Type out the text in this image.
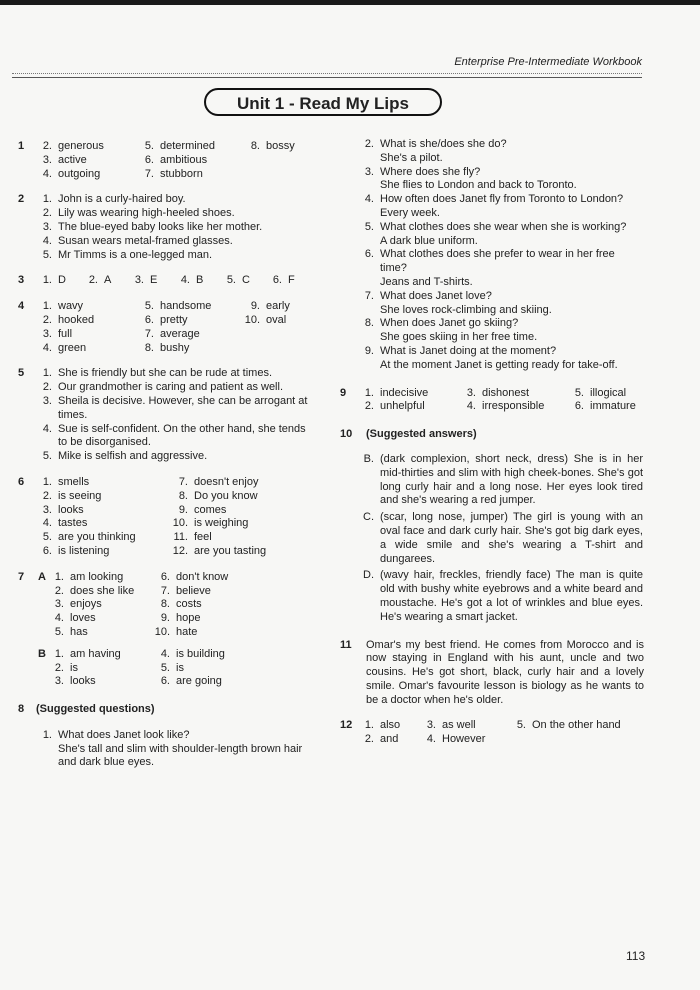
Enterprise Pre-Intermediate Workbook
Unit 1 - Read My Lips
1	2. generous	5. determined	8. bossy
3. active	6. ambitious
4. outgoing	7. stubborn
2	1. John is a curly-haired boy.
2. Lily was wearing high-heeled shoes.
3. The blue-eyed baby looks like her mother.
4. Susan wears metal-framed glasses.
5. Mr Timms is a one-legged man.
3	1. D	2. A	3. E	4. B	5. C	6. F
4	1. wavy	5. handsome	9. early
2. hooked	6. pretty	10. oval
3. full	7. average
4. green	8. bushy
5	1. She is friendly but she can be rude at times.
2. Our grandmother is caring and patient as well.
3. Sheila is decisive. However, she can be arrogant at times.
4. Sue is self-confident. On the other hand, she tends to be disorganised.
5. Mike is selfish and aggressive.
6	1. smells	7. doesn't enjoy
2. is seeing	8. Do you know
3. looks	9. comes
4. tastes	10. is weighing
5. are you thinking	11. feel
6. is listening	12. are you tasting
7	A 1. am looking	6. don't know
2. does she like	7. believe
3. enjoys	8. costs
4. loves	9. hope
5. has	10. hate
B 1. am having	4. is building
2. is	5. is
3. looks	6. are going
8	(Suggested questions)
1. What does Janet look like?
She's tall and slim with shoulder-length brown hair and dark blue eyes.
2. What is she/does she do?
She's a pilot.
3. Where does she fly?
She flies to London and back to Toronto.
4. How often does Janet fly from Toronto to London?
Every week.
5. What clothes does she wear when she is working?
A dark blue uniform.
6. What clothes does she prefer to wear in her free time?
Jeans and T-shirts.
7. What does Janet love?
She loves rock-climbing and skiing.
8. When does Janet go skiing?
She goes skiing in her free time.
9. What is Janet doing at the moment?
At the moment Janet is getting ready for take-off.
9	1. indecisive	3. dishonest	5. illogical
2. unhelpful	4. irresponsible	6. immature
10	(Suggested answers)
B. (dark complexion, short neck, dress) She is in her mid-thirties and slim with high cheek-bones. She's got long curly hair and a long nose. Her eyes look tired and she's wearing a red jumper.
C. (scar, long nose, jumper) The girl is young with an oval face and dark curly hair. She's got big dark eyes, a wide smile and she's wearing a T-shirt and dungarees.
D. (wavy hair, freckles, friendly face) The man is quite old with bushy white eyebrows and a white beard and moustache. He's got a lot of wrinkles and blue eyes. He's wearing a smart jacket.
11	Omar's my best friend. He comes from Morocco and is now staying in England with his aunt, uncle and two cousins. He's got short, black, curly hair and a lovely smile. Omar's favourite lesson is biology as he wants to be a doctor when he's older.
12	1. also	3. as well	5. On the other hand
2. and	4. However
113
